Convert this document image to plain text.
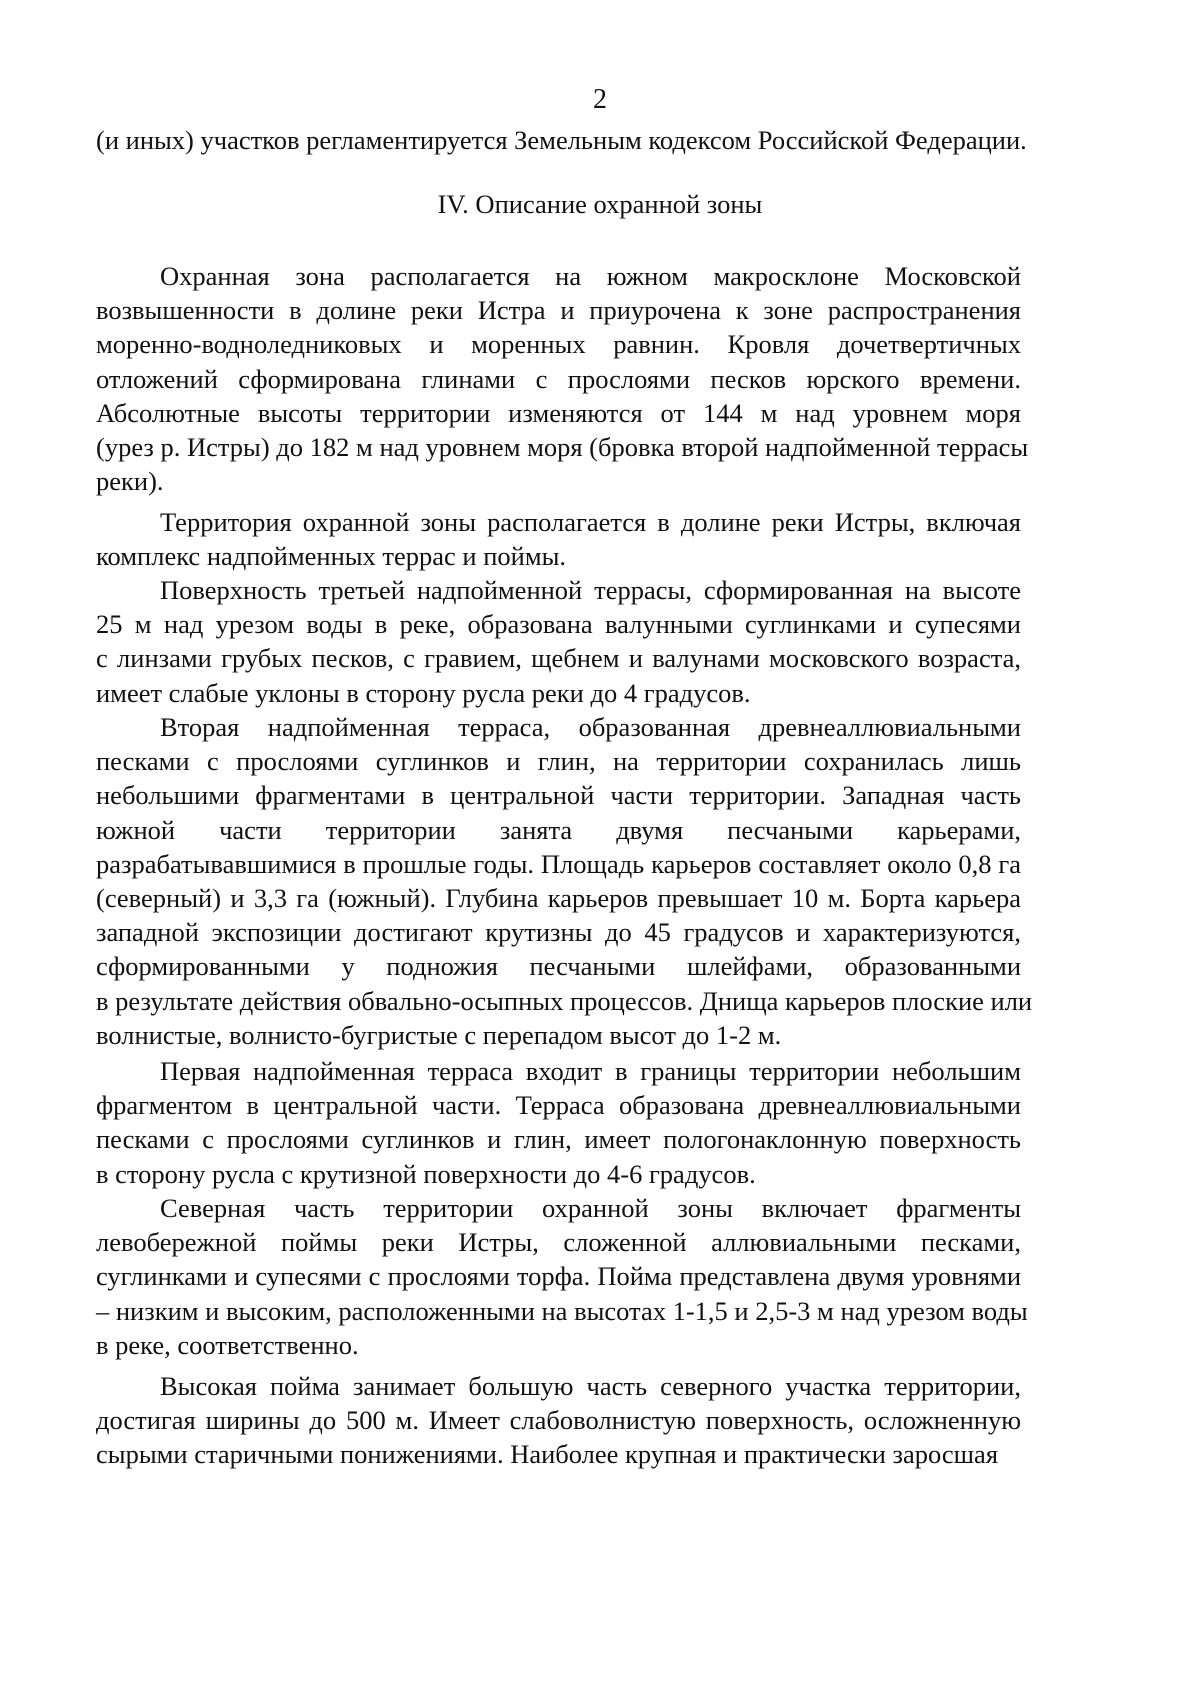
2
(и иных) участков регламентируется Земельным кодексом Российской Федерации.
IV. Описание охранной зоны
Охранная зона располагается на южном макросклоне Московской
возвышенности в долине реки Истра и приурочена к зоне распространения
моренно-водноледниковых и моренных равнин. Кровля дочетвертичных
отложений сформирована глинами с прослоями песков юрского времени.
Абсолютные высоты территории изменяются от 144 м над уровнем моря
(урез р. Истры) до 182 м над уровнем моря (бровка второй надпойменной террасы
реки).
Территория охранной зоны располагается в долине реки Истры, включая
комплекс надпойменных террас и поймы.
Поверхность третьей надпойменной террасы, сформированная на высоте
25 м над урезом воды в реке, образована валунными суглинками и супесями
с линзами грубых песков, с гравием, щебнем и валунами московского возраста,
имеет слабые уклоны в сторону русла реки до 4 градусов.
Вторая надпойменная терраса, образованная древнеаллювиальными
песками с прослоями суглинков и глин, на территории сохранилась лишь
небольшими фрагментами в центральной части территории. Западная часть
южной части территории занята двумя песчаными карьерами,
разрабатывавшимися в прошлые годы. Площадь карьеров составляет около 0,8 га
(северный) и 3,3 га (южный). Глубина карьеров превышает 10 м. Борта карьера
западной экспозиции достигают крутизны до 45 градусов и характеризуются,
сформированными у подножия песчаными шлейфами, образованными
в результате действия обвально-осыпных процессов. Днища карьеров плоские или
волнистые, волнисто-бугристые с перепадом высот до 1-2 м.
Первая надпойменная терраса входит в границы территории небольшим
фрагментом в центральной части. Терраса образована древнеаллювиальными
песками с прослоями суглинков и глин, имеет пологонаклонную поверхность
в сторону русла с крутизной поверхности до 4-6 градусов.
Северная часть территории охранной зоны включает фрагменты
левобережной поймы реки Истры, сложенной аллювиальными песками,
суглинками и супесями с прослоями торфа. Пойма представлена двумя уровнями
– низким и высоким, расположенными на высотах 1-1,5 и 2,5-3 м над урезом воды
в реке, соответственно.
Высокая пойма занимает большую часть северного участка территории,
достигая ширины до 500 м. Имеет слабоволнистую поверхность, осложненную
сырыми старичными понижениями. Наиболее крупная и практически заросшая
